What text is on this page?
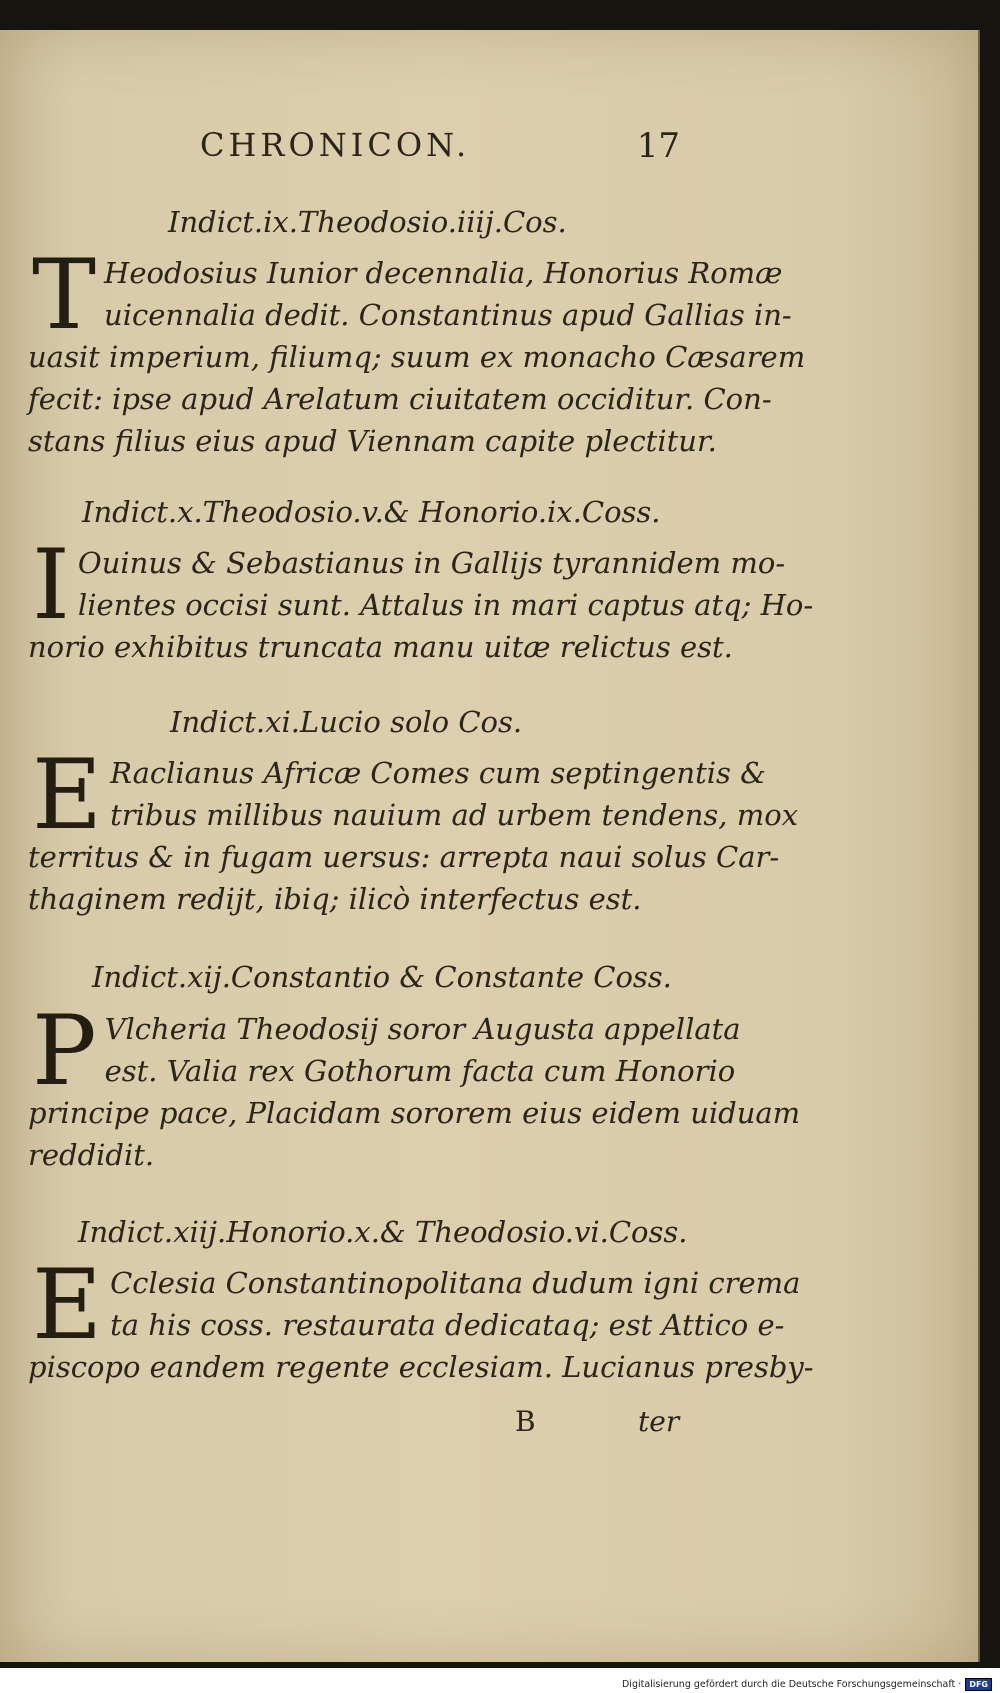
CHRONICON.	17
Indict.ix.Theodosio.iiij.Cos.
T Heodosius Iunior decennalia, Honorius Romæ
uicennalia dedit. Constantinus apud Gallias in-
uasit imperium, filiumq; suum ex monacho Cæsarem
fecit: ipse apud Arelatum ciuitatem occiditur. Con-
stans filius eius apud Viennam capite plectitur.
Indict.x.Theodosio.v.& Honorio.ix.Coss.
I Ouinus & Sebastianus in Gallijs tyrannidem mo-
lientes occisi sunt. Attalus in mari captus atq; Ho-
norio exhibitus truncata manu uitæ relictus est.
Indict.xi.Lucio solo Cos.
E Raclianus Africæ Comes cum septingentis &
tribus millibus nauium ad urbem tendens, mox
territus & in fugam uersus: arrepta naui solus Car-
thaginem redijt, ibiq; ilicò interfectus est.
Indict.xij.Constantio & Constante Coss.
P Vlcheria Theodosij soror Augusta appellata
est. Valia rex Gothorum facta cum Honorio
principe pace, Placidam sororem eius eidem uiduam
reddidit.
Indict.xiij.Honorio.x.& Theodosio.vi.Coss.
E Cclesia Constantinopolitana dudum igni crema
ta his coss. restaurata dedicataq; est Attico e-
piscopo eandem regente ecclesiam. Lucianus presby-
B	ter
Digitalisierung gefördert durch die Deutsche Forschungsgemeinschaft ·	DFG
